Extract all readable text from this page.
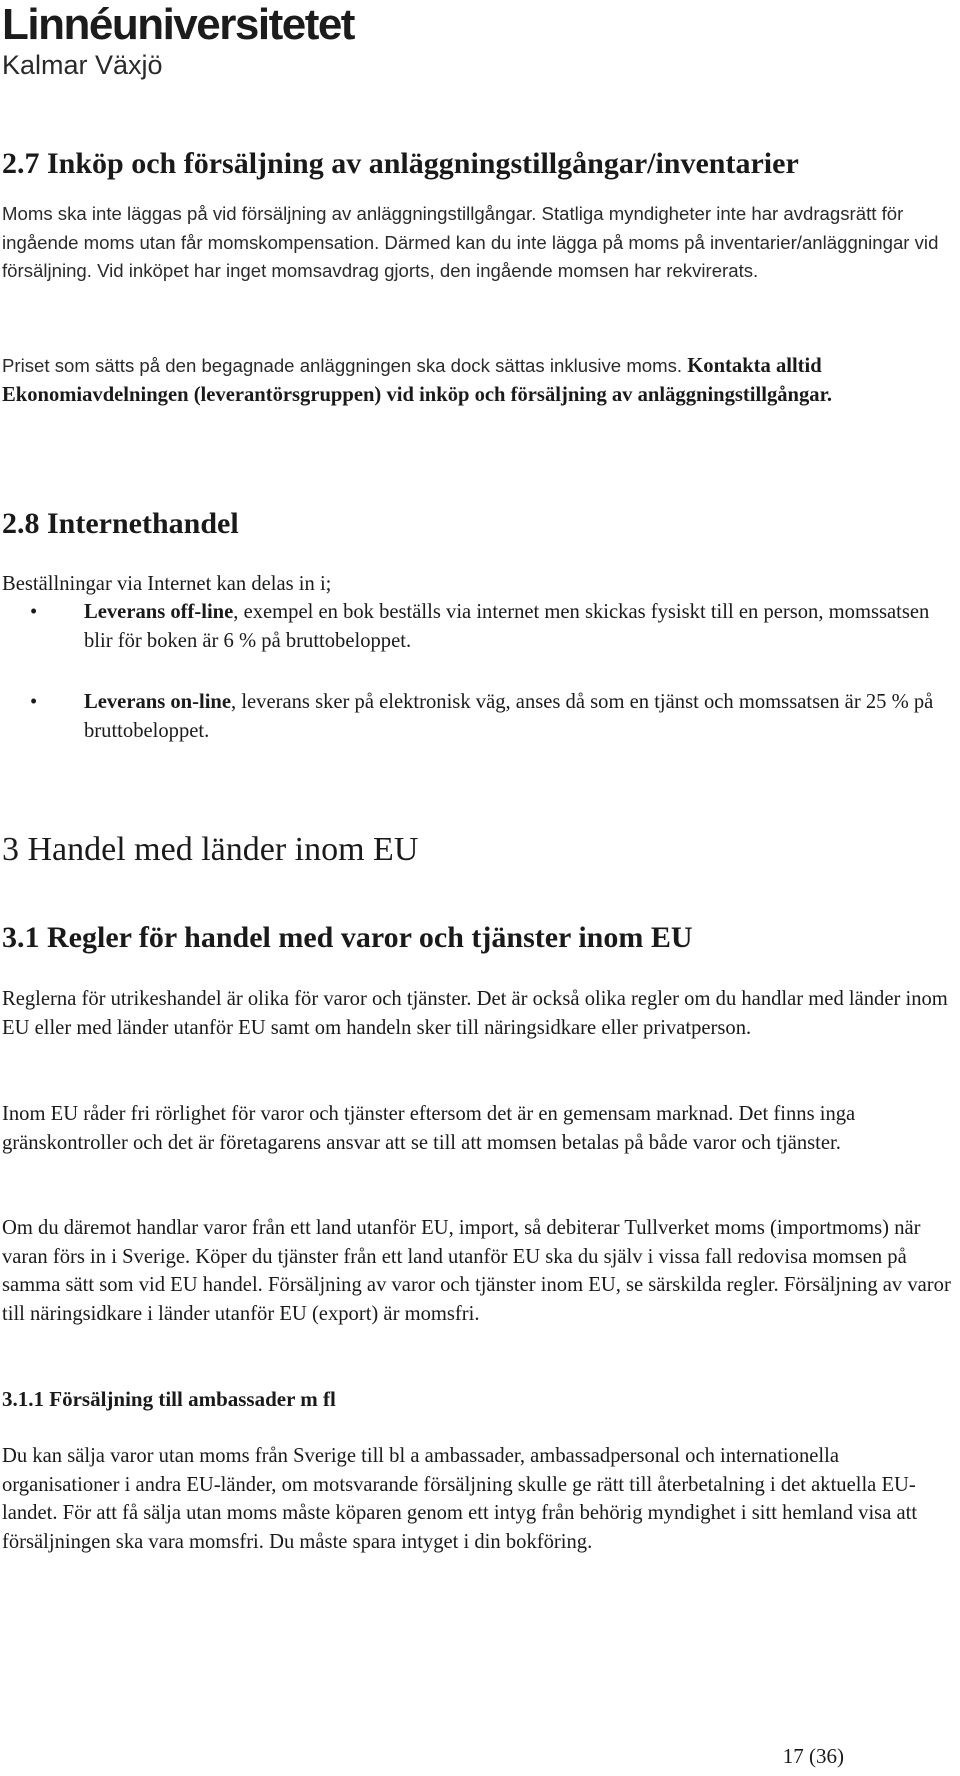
Linnéuniversitetet
Kalmar Växjö
2.7 Inköp och försäljning av anläggningstillgångar/inventarier
Moms ska inte läggas på vid försäljning av anläggningstillgångar. Statliga myndigheter inte har avdragsrätt för ingående moms utan får momskompensation. Därmed kan du inte lägga på moms på inventarier/anläggningar vid försäljning. Vid inköpet har inget momsavdrag gjorts, den ingående momsen har rekvirerats.
Priset som sätts på den begagnade anläggningen ska dock sättas inklusive moms. Kontakta alltid Ekonomiavdelningen (leverantörsgruppen) vid inköp och försäljning av anläggningstillgångar.
2.8 Internethandel
Beställningar via Internet kan delas in i;
• Leverans off-line, exempel en bok beställs via internet men skickas fysiskt till en person, momssatsen blir för boken är 6 % på bruttobeloppet.
• Leverans on-line, leverans sker på elektronisk väg, anses då som en tjänst och momssatsen är 25 % på bruttobeloppet.
3 Handel med länder inom EU
3.1 Regler för handel med varor och tjänster inom EU
Reglerna för utrikeshandel är olika för varor och tjänster. Det är också olika regler om du handlar med länder inom EU eller med länder utanför EU samt om handeln sker till näringsidkare eller privatperson.
Inom EU råder fri rörlighet för varor och tjänster eftersom det är en gemensam marknad. Det finns inga gränskontroller och det är företagarens ansvar att se till att momsen betalas på både varor och tjänster.
Om du däremot handlar varor från ett land utanför EU, import, så debiterar Tullverket moms (importmoms) när varan förs in i Sverige. Köper du tjänster från ett land utanför EU ska du själv i vissa fall redovisa momsen på samma sätt som vid EU handel. Försäljning av varor och tjänster inom EU, se särskilda regler. Försäljning av varor till näringsidkare i länder utanför EU (export) är momsfri.
3.1.1 Försäljning till ambassader m fl
Du kan sälja varor utan moms från Sverige till bl a ambassader, ambassadpersonal och internationella organisationer i andra EU-länder, om motsvarande försäljning skulle ge rätt till återbetalning i det aktuella EU-landet. För att få sälja utan moms måste köparen genom ett intyg från behörig myndighet i sitt hemland visa att försäljningen ska vara momsfri. Du måste spara intyget i din bokföring.
17 (36)
